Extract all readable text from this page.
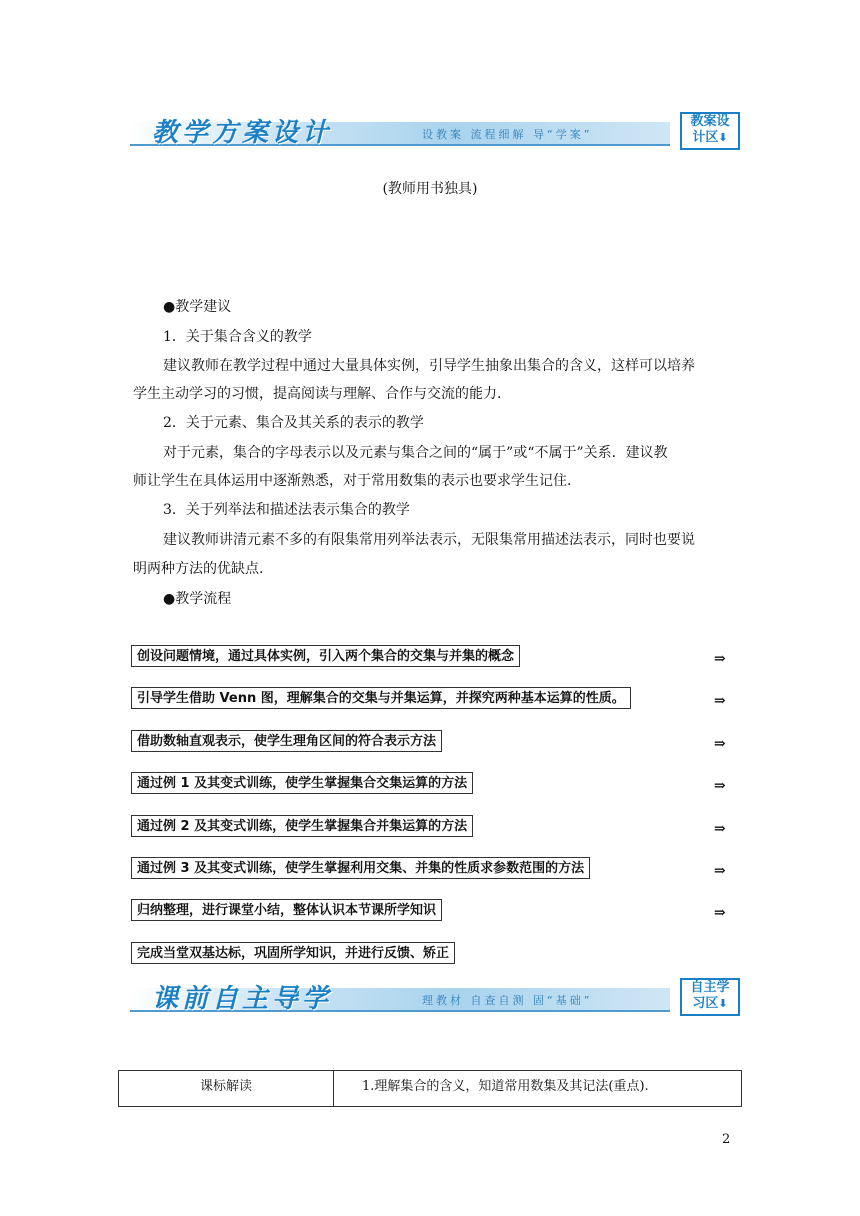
教学方案设计	设教案 流程细解 导“学案”
教案设
计区⬇
(教师用书独具)
●教学建议
1．关于集合含义的教学
建议教师在教学过程中通过大量具体实例，引导学生抽象出集合的含义，这样可以培养
学生主动学习的习惯，提高阅读与理解、合作与交流的能力.
2．关于元素、集合及其关系的表示的教学
对于元素，集合的字母表示以及元素与集合之间的“属于”或“不属于”关系．建议教
师让学生在具体运用中逐渐熟悉，对于常用数集的表示也要求学生记住.
3．关于列举法和描述法表示集合的教学
建议教师讲清元素不多的有限集常用列举法表示，无限集常用描述法表示，同时也要说
明两种方法的优缺点.
●教学流程
创设问题情境，通过具体实例，引入两个集合的交集与并集的概念	⇒
引导学生借助 Venn 图，理解集合的交集与并集运算，并探究两种基本运算的性质。	⇒
借助数轴直观表示，使学生理角区间的符合表示方法	⇒
通过例 1 及其变式训练，使学生掌握集合交集运算的方法	⇒
通过例 2 及其变式训练，使学生掌握集合并集运算的方法	⇒
通过例 3 及其变式训练，使学生掌握利用交集、并集的性质求参数范围的方法	⇒
归纳整理，进行课堂小结，整体认识本节课所学知识	⇒
完成当堂双基达标，巩固所学知识，并进行反馈、矫正
课前自主导学	理教材 自查自测 固“基础”
自主学
习区⬇
课标解读	1.理解集合的含义，知道常用数集及其记法(重点).
2
